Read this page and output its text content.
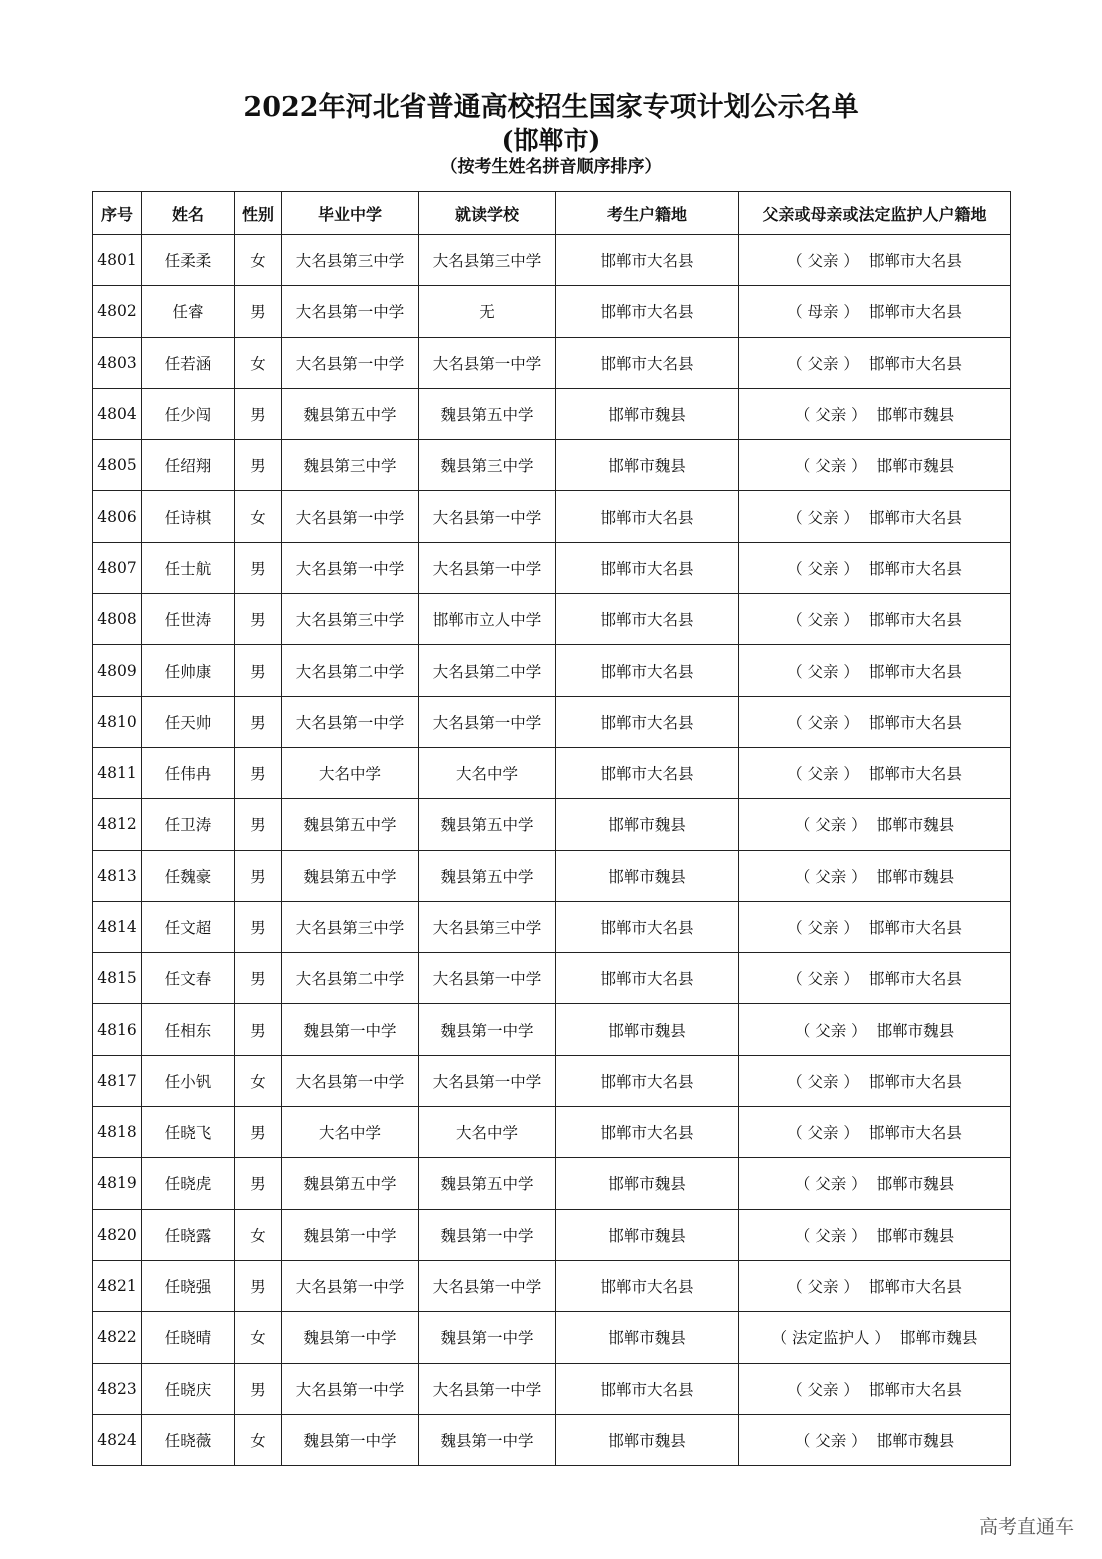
2022年河北省普通高校招生国家专项计划公示名单
(邯郸市)
（按考生姓名拼音顺序排序）
序号	姓名	性别	毕业中学	就读学校	考生户籍地	父亲或母亲或法定监护人户籍地
4801	任柔柔	女	大名县第三中学	大名县第三中学	邯郸市大名县	（ 父亲 ） 邯郸市大名县
4802	任睿	男	大名县第一中学	无	邯郸市大名县	（ 母亲 ） 邯郸市大名县
4803	任若涵	女	大名县第一中学	大名县第一中学	邯郸市大名县	（ 父亲 ） 邯郸市大名县
4804	任少闯	男	魏县第五中学	魏县第五中学	邯郸市魏县	（ 父亲 ） 邯郸市魏县
4805	任绍翔	男	魏县第三中学	魏县第三中学	邯郸市魏县	（ 父亲 ） 邯郸市魏县
4806	任诗棋	女	大名县第一中学	大名县第一中学	邯郸市大名县	（ 父亲 ） 邯郸市大名县
4807	任士航	男	大名县第一中学	大名县第一中学	邯郸市大名县	（ 父亲 ） 邯郸市大名县
4808	任世涛	男	大名县第三中学	邯郸市立人中学	邯郸市大名县	（ 父亲 ） 邯郸市大名县
4809	任帅康	男	大名县第二中学	大名县第二中学	邯郸市大名县	（ 父亲 ） 邯郸市大名县
4810	任天帅	男	大名县第一中学	大名县第一中学	邯郸市大名县	（ 父亲 ） 邯郸市大名县
4811	任伟冉	男	大名中学	大名中学	邯郸市大名县	（ 父亲 ） 邯郸市大名县
4812	任卫涛	男	魏县第五中学	魏县第五中学	邯郸市魏县	（ 父亲 ） 邯郸市魏县
4813	任魏豪	男	魏县第五中学	魏县第五中学	邯郸市魏县	（ 父亲 ） 邯郸市魏县
4814	任文超	男	大名县第三中学	大名县第三中学	邯郸市大名县	（ 父亲 ） 邯郸市大名县
4815	任文春	男	大名县第二中学	大名县第一中学	邯郸市大名县	（ 父亲 ） 邯郸市大名县
4816	任相东	男	魏县第一中学	魏县第一中学	邯郸市魏县	（ 父亲 ） 邯郸市魏县
4817	任小钒	女	大名县第一中学	大名县第一中学	邯郸市大名县	（ 父亲 ） 邯郸市大名县
4818	任晓飞	男	大名中学	大名中学	邯郸市大名县	（ 父亲 ） 邯郸市大名县
4819	任晓虎	男	魏县第五中学	魏县第五中学	邯郸市魏县	（ 父亲 ） 邯郸市魏县
4820	任晓露	女	魏县第一中学	魏县第一中学	邯郸市魏县	（ 父亲 ） 邯郸市魏县
4821	任晓强	男	大名县第一中学	大名县第一中学	邯郸市大名县	（ 父亲 ） 邯郸市大名县
4822	任晓晴	女	魏县第一中学	魏县第一中学	邯郸市魏县	（ 法定监护人 ） 邯郸市魏县
4823	任晓庆	男	大名县第一中学	大名县第一中学	邯郸市大名县	（ 父亲 ） 邯郸市大名县
4824	任晓薇	女	魏县第一中学	魏县第一中学	邯郸市魏县	（ 父亲 ） 邯郸市魏县
高考直通车
